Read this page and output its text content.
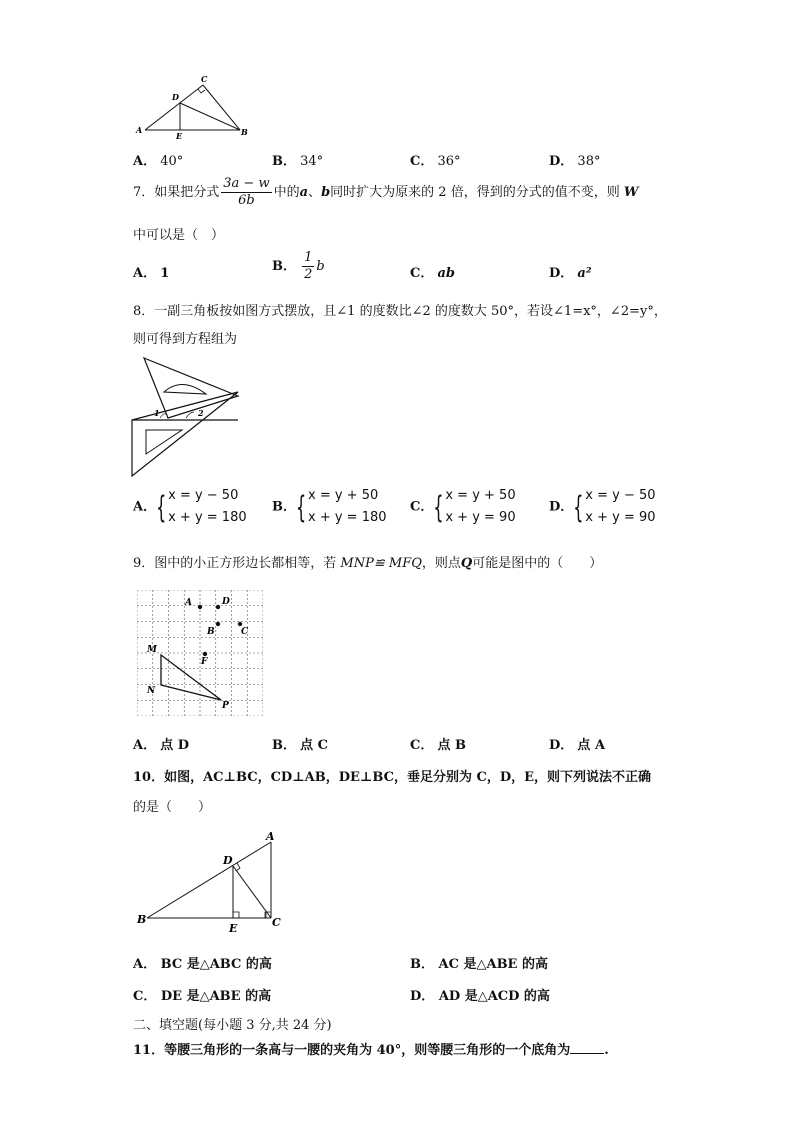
A	B
C
D
E
A． 40°	B． 34°	C． 36°	D． 38°
7．如果把分式 $\frac{3a - w}{6b}$ 中的a、b同时扩大为原来的 2 倍，得到的分式的值不变，则 W
中可以是（　）
A． 1	B． $\frac{1}{2}$ b	C． ab	D． a²
8．一副三角板按如图方式摆放，且∠1 的度数比∠2 的度数大 50°，若设∠1=x°，∠2=y°，
则可得到方程组为
1	2
A． { x = y − 50
x + y = 180
B． { x = y + 50
x + y = 180
C． { x = y + 50
x + y = 90
D． { x = y − 50
x + y = 90
9．图中的小正方形边长都相等，若 MNP≌ MFQ，则点Q可能是图中的（　　）
A	D
B	C
F
M
N
P
A． 点 D	B． 点 C	C． 点 B	D． 点 A
10．如图，AC⊥BC，CD⊥AB，DE⊥BC，垂足分别为 C，D，E，则下列说法不正确
的是（　　）
B
A
C
D
E
A． BC 是△ABC 的高	B． AC 是△ABE 的高
C． DE 是△ABE 的高	D． AD 是△ACD 的高
二、填空题(每小题 3 分,共 24 分)
11．等腰三角形的一条高与一腰的夹角为 40°，则等腰三角形的一个底角为	.
